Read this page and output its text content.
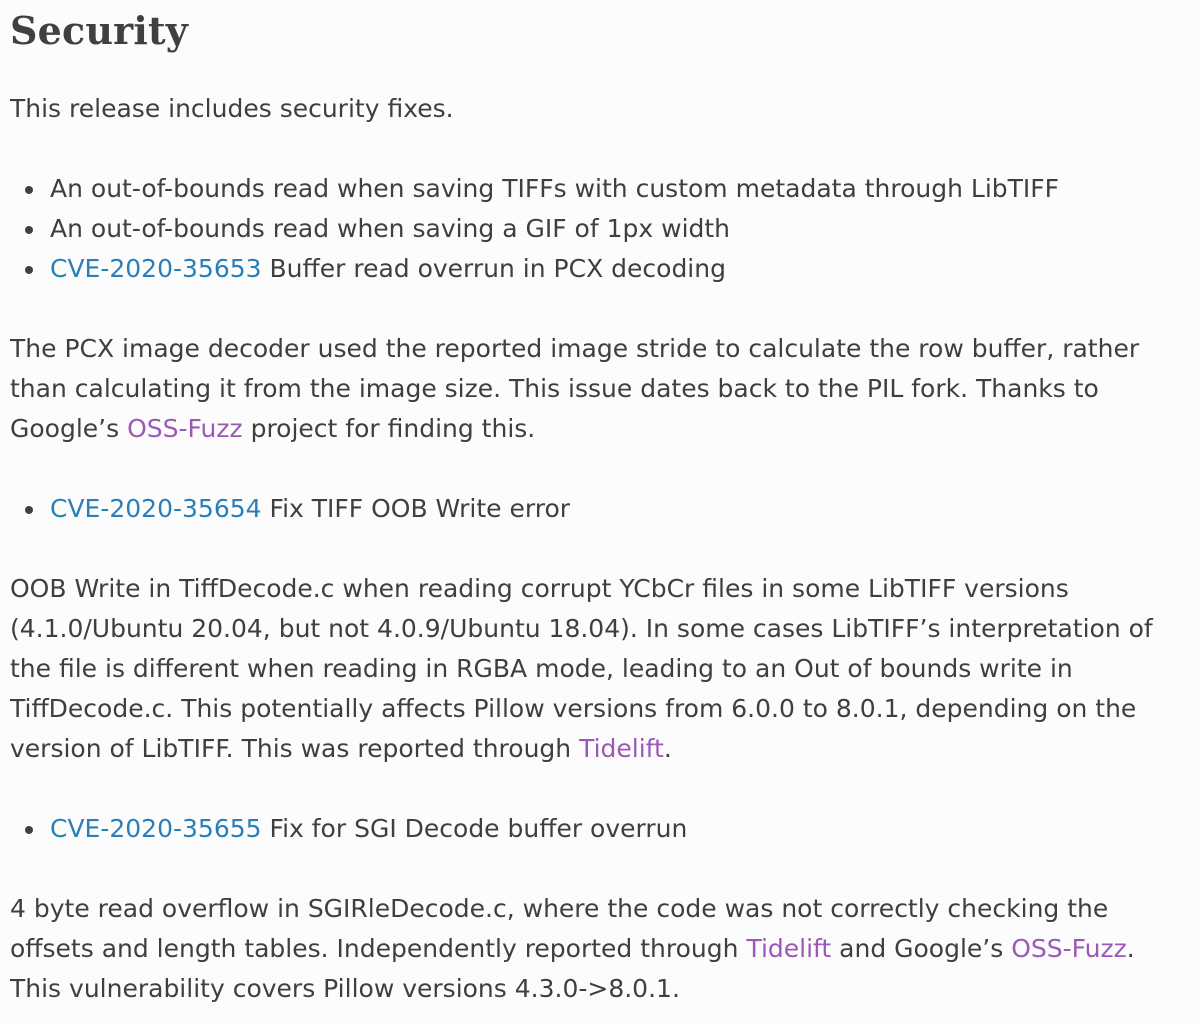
Security

This release includes security fixes.

An out-of-bounds read when saving TIFFs with custom metadata through LibTIFF
An out-of-bounds read when saving a GIF of 1px width
CVE-2020-35653 Buffer read overrun in PCX decoding

The PCX image decoder used the reported image stride to calculate the row buffer, rather than calculating it from the image size. This issue dates back to the PIL fork. Thanks to Google’s OSS-Fuzz project for finding this.

CVE-2020-35654 Fix TIFF OOB Write error

OOB Write in TiffDecode.c when reading corrupt YCbCr files in some LibTIFF versions (4.1.0/Ubuntu 20.04, but not 4.0.9/Ubuntu 18.04). In some cases LibTIFF’s interpretation of the file is different when reading in RGBA mode, leading to an Out of bounds write in TiffDecode.c. This potentially affects Pillow versions from 6.0.0 to 8.0.1, depending on the version of LibTIFF. This was reported through Tidelift.

CVE-2020-35655 Fix for SGI Decode buffer overrun

4 byte read overflow in SGIRleDecode.c, where the code was not correctly checking the offsets and length tables. Independently reported through Tidelift and Google’s OSS-Fuzz. This vulnerability covers Pillow versions 4.3.0->8.0.1.
